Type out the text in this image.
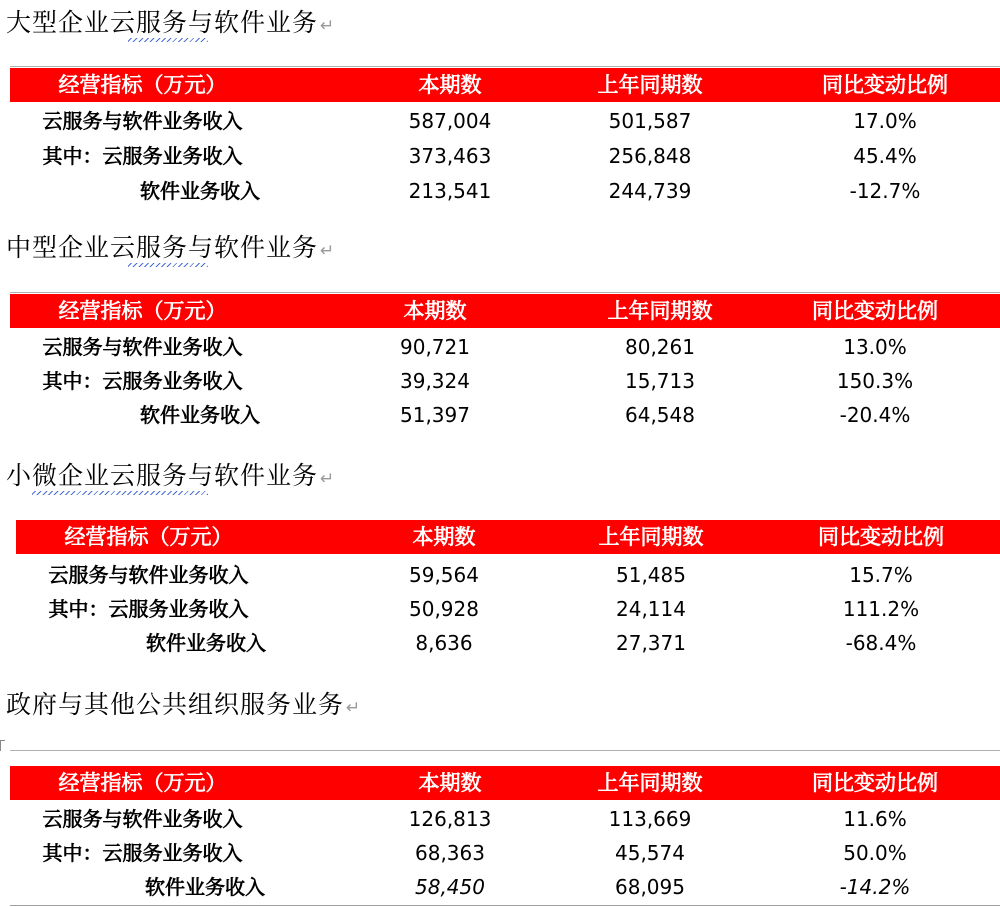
大型企业云服务与软件业务 ↵
经营指标（万元）	本期数	上年同期数	同比变动比例
云服务与软件业务收入	587,004	501,587	17.0%
其中：云服务业务收入	373,463	256,848	45.4%
软件业务收入	213,541	244,739	-12.7%
中型企业云服务与软件业务 ↵
经营指标（万元）	本期数	上年同期数	同比变动比例
云服务与软件业务收入	90,721	80,261	13.0%
其中：云服务业务收入	39,324	15,713	150.3%
软件业务收入	51,397	64,548	-20.4%
小微企业云服务与软件业务 ↵
经营指标（万元）	本期数	上年同期数	同比变动比例
云服务与软件业务收入	59,564	51,485	15.7%
其中：云服务业务收入	50,928	24,114	111.2%
软件业务收入	8,636	27,371	-68.4%
政府与其他公共组织服务业务 ↵
经营指标（万元）	本期数	上年同期数	同比变动比例
云服务与软件业务收入	126,813	113,669	11.6%
其中：云服务业务收入	68,363	45,574	50.0%
软件业务收入	58,450	68,095	-14.2%
